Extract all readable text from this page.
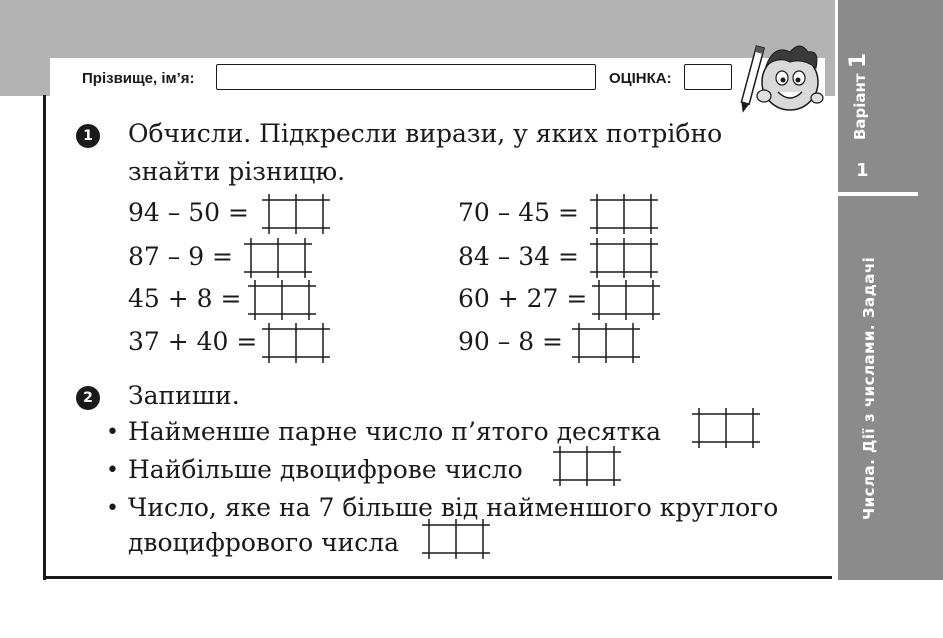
Варіант 1
1
Числа. Дії з числами. Задачі
Прізвище, ім’я:	ОЦІНКА:
1 Обчисли. Підкресли вирази, у яких потрібно
знайти різницю.
94 – 50 =
87 – 9 =
45 + 8 =
37 + 40 =
70 – 45 =
84 – 34 =
60 + 27 =
90 – 8 =
2 Запиши.
• Найменше парне число п’ятого десятка
• Найбільше двоцифрове число
• Число, яке на 7 більше від найменшого круглого
двоцифрового числа
